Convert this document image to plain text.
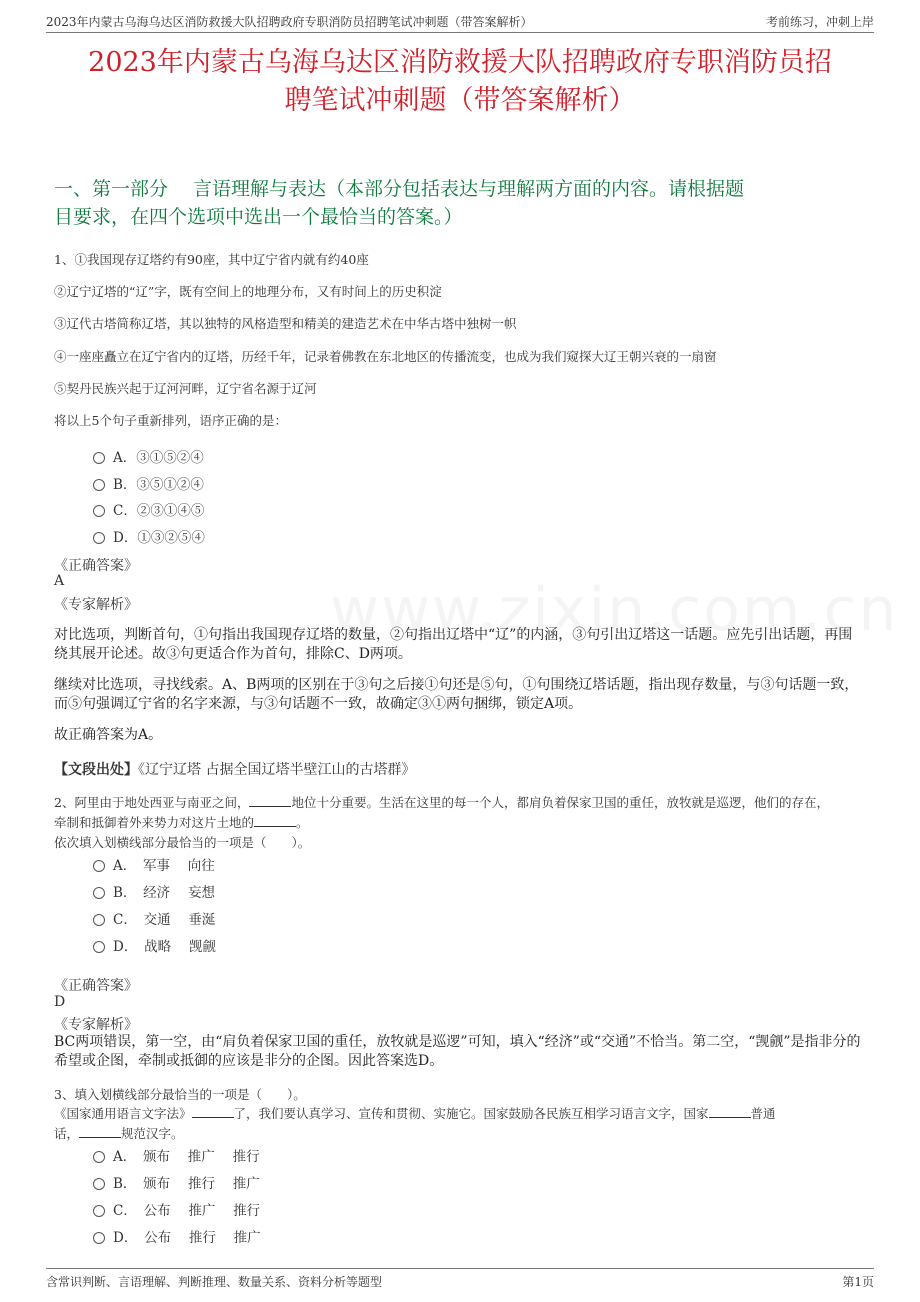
2023年内蒙古乌海乌达区消防救援大队招聘政府专职消防员招聘笔试冲刺题（带答案解析）	考前练习，冲刺上岸
2023年内蒙古乌海乌达区消防救援大队招聘政府专职消防员招
聘笔试冲刺题（带答案解析）
一、第一部分　 言语理解与表达（本部分包括表达与理解两方面的内容。请根据题
目要求，在四个选项中选出一个最恰当的答案。）
1、①我国现存辽塔约有90座，其中辽宁省内就有约40座
②辽宁辽塔的“辽”字，既有空间上的地理分布，又有时间上的历史积淀
③辽代古塔简称辽塔，其以独特的风格造型和精美的建造艺术在中华古塔中独树一帜
④一座座矗立在辽宁省内的辽塔，历经千年，记录着佛教在东北地区的传播流变，也成为我们窥探大辽王朝兴衰的一扇窗
⑤契丹民族兴起于辽河河畔，辽宁省名源于辽河
将以上5个句子重新排列，语序正确的是：
A．③①⑤②④
B．③⑤①②④
C．②③①④⑤
D．①③②⑤④
《正确答案》
A
《专家解析》
对比选项，判断首句，①句指出我国现存辽塔的数量，②句指出辽塔中“辽”的内涵，③句引出辽塔这一话题。应先引出话题，再围绕其展开论述。故③句更适合作为首句，排除C、D两项。
继续对比选项，寻找线索。A、B两项的区别在于③句之后接①句还是⑤句，①句围绕辽塔话题，指出现存数量，与③句话题一致，而⑤句强调辽宁省的名字来源，与③句话题不一致，故确定③①两句捆绑，锁定A项。
故正确答案为A。
【文段出处】《辽宁辽塔 占据全国辽塔半壁江山的古塔群》
2、阿里由于地处西亚与南亚之间，	地位十分重要。生活在这里的每一个人，都肩负着保家卫国的重任，放牧就是巡逻，他们的存在，
牵制和抵御着外来势力对这片土地的	。
依次填入划横线部分最恰当的一项是（　　）。
A．　军事　 向往
B．　经济　 妄想
C．　交通　 垂涎
D．　战略　 觊觎
《正确答案》
D
《专家解析》
BC两项错误，第一空，由“肩负着保家卫国的重任，放牧就是巡逻”可知，填入“经济”或“交通”不恰当。第二空，“觊觎”是指非分的希望或企图，牵制或抵御的应该是非分的企图。因此答案选D。
3、填入划横线部分最恰当的一项是（　　）。
《国家通用语言文字法》	了，我们要认真学习、宣传和贯彻、实施它。国家鼓励各民族互相学习语言文字，国家	普通
话，	规范汉字。
A．　颁布　 推广　 推行
B．　颁布　 推行　 推广
C．　公布　 推广　 推行
D．　公布　 推行　 推广
含常识判断、言语理解、判断推理、数量关系、资料分析等题型	第1页
